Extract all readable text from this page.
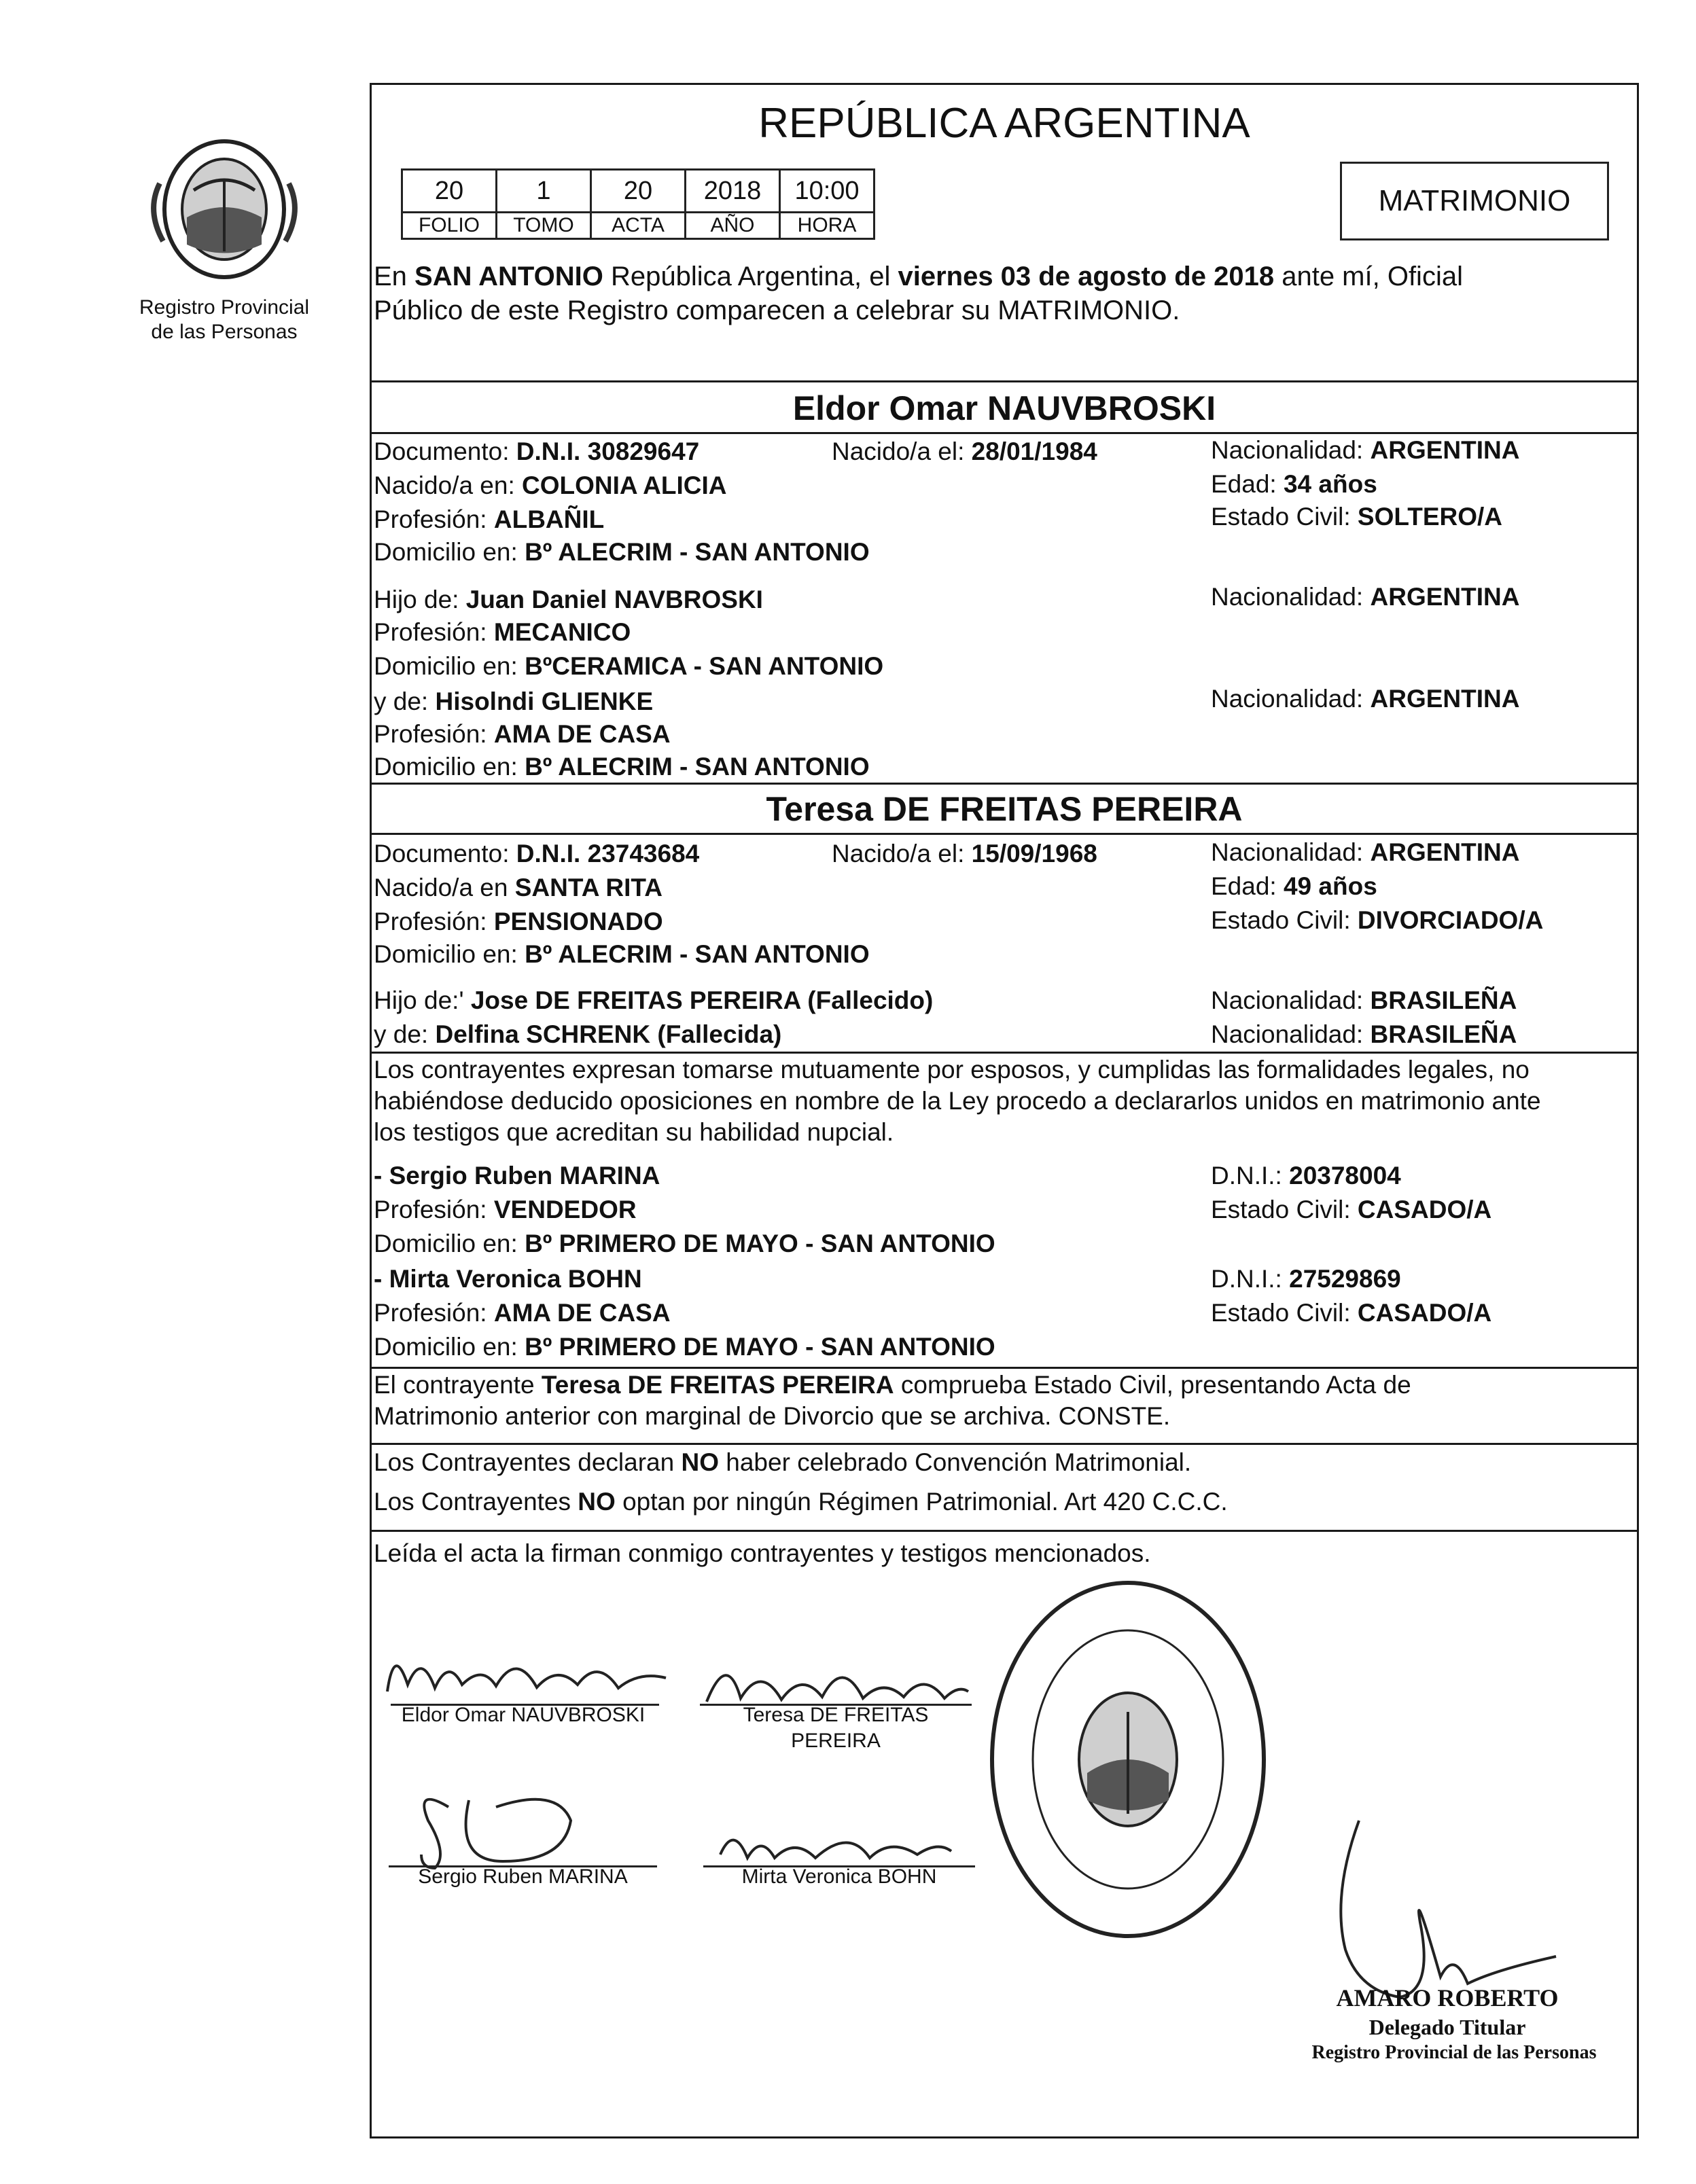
Registro Provincial
de las Personas
REPÚBLICA ARGENTINA
20	1	20	2018	10:00
FOLIO	TOMO	ACTA	AÑO	HORA
MATRIMONIO
En SAN ANTONIO República Argentina, el viernes 03 de agosto de 2018 ante mí, Oficial
Público de este Registro comparecen a celebrar su MATRIMONIO.
Eldor Omar NAUVBROSKI
Documento: D.N.I. 30829647	Nacido/a el: 28/01/1984	Nacionalidad: ARGENTINA
Nacido/a en: COLONIA ALICIA	Edad: 34 años
Profesión: ALBAÑIL	Estado Civil: SOLTERO/A
Domicilio en: Bº ALECRIM - SAN ANTONIO
Hijo de: Juan Daniel NAVBROSKI	Nacionalidad: ARGENTINA
Profesión: MECANICO
Domicilio en: BºCERAMICA - SAN ANTONIO
y de: Hisolndi GLIENKE	Nacionalidad: ARGENTINA
Profesión: AMA DE CASA
Domicilio en: Bº ALECRIM - SAN ANTONIO
Teresa DE FREITAS PEREIRA
Documento: D.N.I. 23743684	Nacido/a el: 15/09/1968	Nacionalidad: ARGENTINA
Nacido/a en SANTA RITA	Edad: 49 años
Profesión: PENSIONADO	Estado Civil: DIVORCIADO/A
Domicilio en: Bº ALECRIM - SAN ANTONIO
Hijo de:' Jose DE FREITAS PEREIRA (Fallecido)	Nacionalidad: BRASILEÑA
y de: Delfina SCHRENK (Fallecida)	Nacionalidad: BRASILEÑA
Los contrayentes expresan tomarse mutuamente por esposos, y cumplidas las formalidades legales, no
habiéndose deducido oposiciones en nombre de la Ley procedo a declararlos unidos en matrimonio ante
los testigos que acreditan su habilidad nupcial.
- Sergio Ruben MARINA	D.N.I.: 20378004
Profesión: VENDEDOR	Estado Civil: CASADO/A
Domicilio en: Bº PRIMERO DE MAYO - SAN ANTONIO
- Mirta Veronica BOHN	D.N.I.: 27529869
Profesión: AMA DE CASA	Estado Civil: CASADO/A
Domicilio en: Bº PRIMERO DE MAYO - SAN ANTONIO
El contrayente Teresa DE FREITAS PEREIRA comprueba Estado Civil, presentando Acta de
Matrimonio anterior con marginal de Divorcio que se archiva. CONSTE.
Los Contrayentes declaran NO haber celebrado Convención Matrimonial.
Los Contrayentes NO optan por ningún Régimen Patrimonial. Art 420 C.C.C.
Leída el acta la firman conmigo contrayentes y testigos mencionados.
Eldor Omar NAUVBROSKI	Teresa DE FREITAS
PEREIRA
Sergio Ruben MARINA	Mirta Veronica BOHN
AMARO ROBERTO
Delegado Titular
Registro Provincial de las Personas
